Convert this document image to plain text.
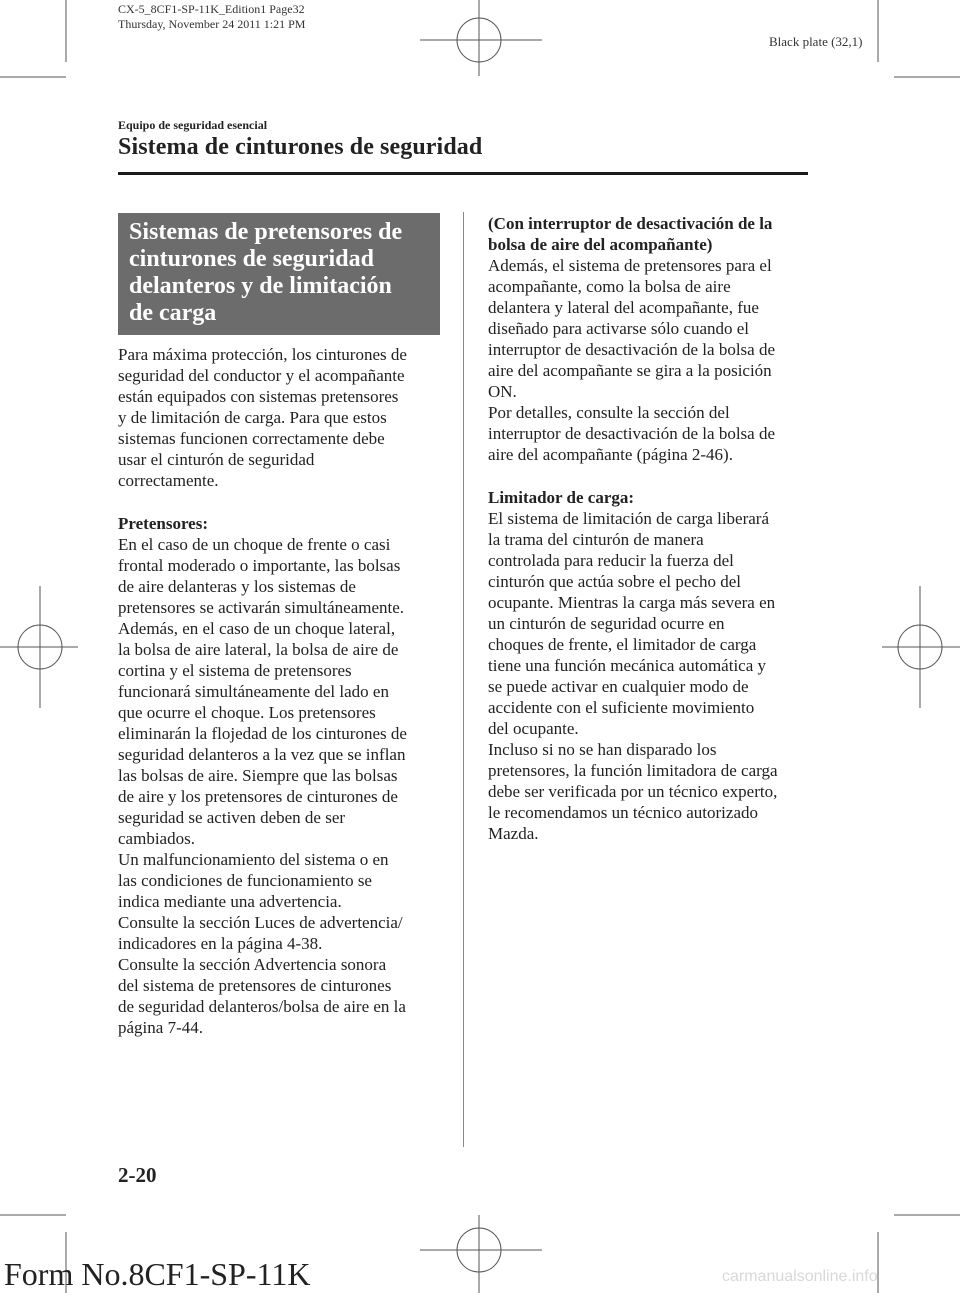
CX-5_8CF1-SP-11K_Edition1 Page32
Thursday, November 24 2011 1:21 PM
Black plate (32,1)
Equipo de seguridad esencial
Sistema de cinturones de seguridad
Sistemas de pretensores de
cinturones de seguridad
delanteros y de limitación
de carga

Para máxima protección, los cinturones de

seguridad del conductor y el acompañante

están equipados con sistemas pretensores

y de limitación de carga. Para que estos

sistemas funcionen correctamente debe

usar el cinturón de seguridad

correctamente.

Pretensores:

En el caso de un choque de frente o casi

frontal moderado o importante, las bolsas

de aire delanteras y los sistemas de

pretensores se activarán simultáneamente.

Además, en el caso de un choque lateral,

la bolsa de aire lateral, la bolsa de aire de

cortina y el sistema de pretensores

funcionará simultáneamente del lado en

que ocurre el choque. Los pretensores

eliminarán la flojedad de los cinturones de

seguridad delanteros a la vez que se inflan

las bolsas de aire. Siempre que las bolsas

de aire y los pretensores de cinturones de

seguridad se activen deben de ser

cambiados.

Un malfuncionamiento del sistema o en

las condiciones de funcionamiento se

indica mediante una advertencia.

Consulte la sección Luces de advertencia/

indicadores en la página 4-38.

Consulte la sección Advertencia sonora

del sistema de pretensores de cinturones

de seguridad delanteros/bolsa de aire en la

página 7-44.

(Con interruptor de desactivación de la

bolsa de aire del acompañante)

Además, el sistema de pretensores para el

acompañante, como la bolsa de aire

delantera y lateral del acompañante, fue

diseñado para activarse sólo cuando el

interruptor de desactivación de la bolsa de

aire del acompañante se gira a la posición

ON.

Por detalles, consulte la sección del

interruptor de desactivación de la bolsa de

aire del acompañante (página 2-46).

Limitador de carga:

El sistema de limitación de carga liberará

la trama del cinturón de manera

controlada para reducir la fuerza del

cinturón que actúa sobre el pecho del

ocupante. Mientras la carga más severa en

un cinturón de seguridad ocurre en

choques de frente, el limitador de carga

tiene una función mecánica automática y

se puede activar en cualquier modo de

accidente con el suficiente movimiento

del ocupante.

Incluso si no se han disparado los

pretensores, la función limitadora de carga

debe ser verificada por un técnico experto,

le recomendamos un técnico autorizado

Mazda.

2-20
Form No.8CF1-SP-11K	carmanualsonline.info
